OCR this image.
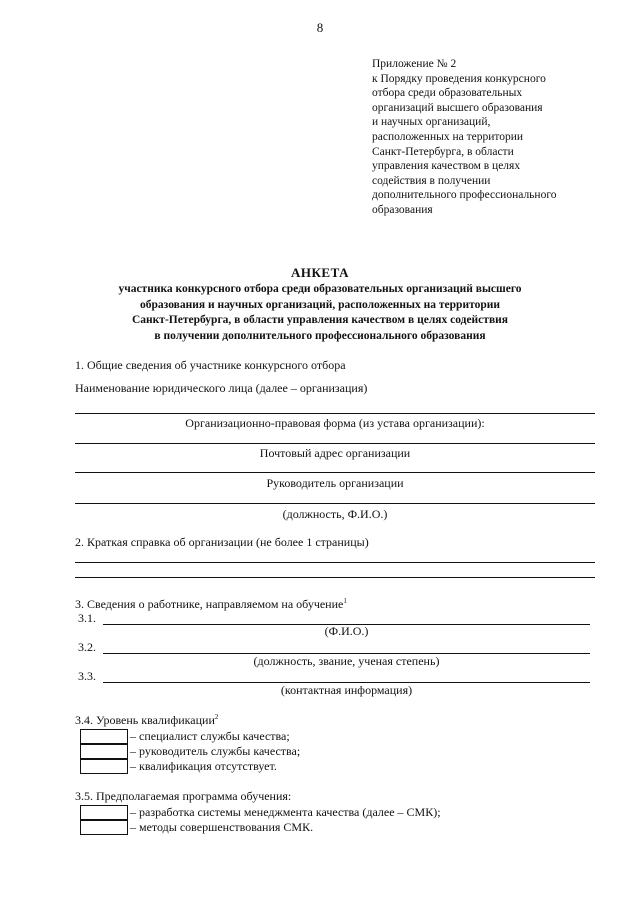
8
Приложение № 2
к Порядку проведения конкурсного
отбора среди образовательных
организаций высшего образования
и научных организаций,
расположенных на территории
Санкт-Петербурга, в области
управления качеством в целях
содействия в получении
дополнительного профессионального
образования
АНКЕТА
участника конкурсного отбора среди образовательных организаций высшего
образования и научных организаций, расположенных на территории
Санкт-Петербурга, в области управления качеством в целях содействия
в получении дополнительного профессионального образования
1. Общие сведения об участнике конкурсного отбора
Наименование юридического лица (далее – организация)
Организационно-правовая форма (из устава организации):
Почтовый адрес организации
Руководитель организации
(должность, Ф.И.О.)
2. Краткая справка об организации (не более 1 страницы)
3. Сведения о работнике, направляемом на обучение$^1$
3.1.
(Ф.И.О.)
3.2.
(должность, звание, ученая степень)
3.3.
(контактная информация)
3.4. Уровень квалификации$^2$
– специалист службы качества;
– руководитель службы качества;
– квалификация отсутствует.
3.5. Предполагаемая программа обучения:
– разработка системы менеджмента качества (далее – СМК);
– методы совершенствования СМК.
